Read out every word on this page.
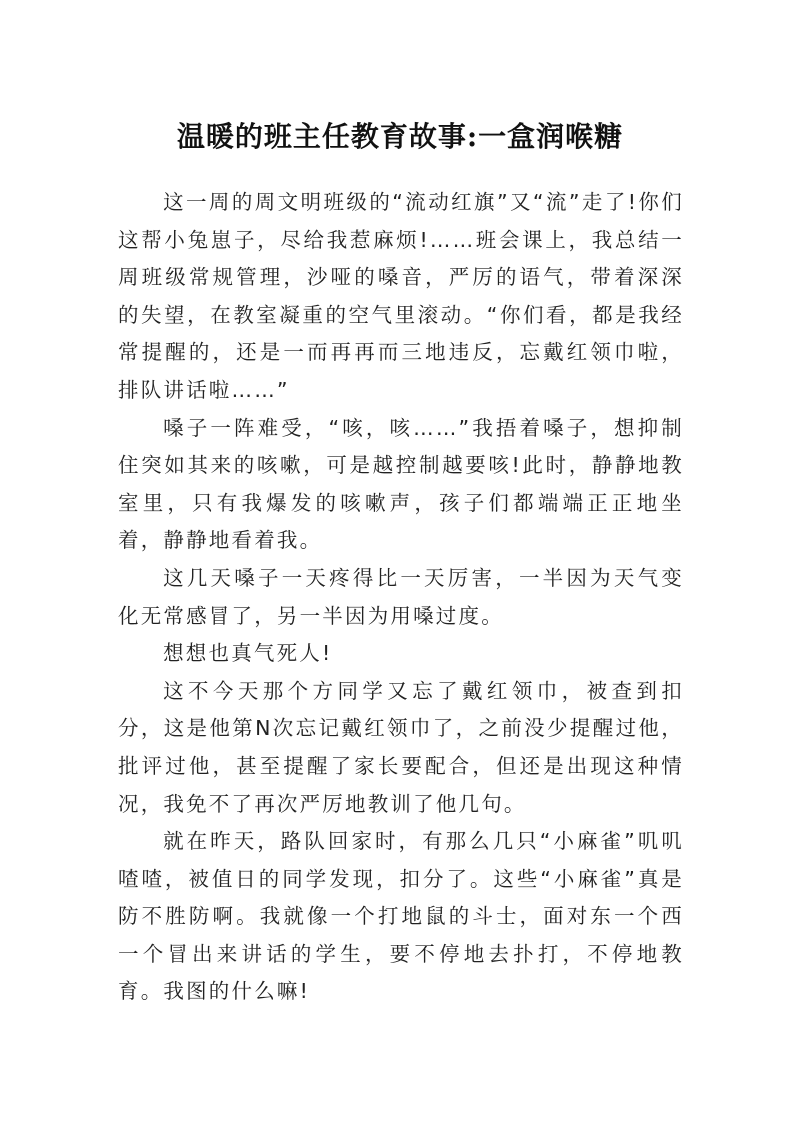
温暖的班主任教育故事:一盒润喉糖

这一周的周文明班级的“流动红旗”又“流”走了!你们这帮小兔崽子，尽给我惹麻烦!……班会课上，我总结一周班级常规管理，沙哑的嗓音，严厉的语气，带着深深的失望，在教室凝重的空气里滚动。“你们看，都是我经常提醒的，还是一而再再而三地违反，忘戴红领巾啦，排队讲话啦……”

嗓子一阵难受，“咳，咳……”我捂着嗓子，想抑制住突如其来的咳嗽，可是越控制越要咳!此时，静静地教室里，只有我爆发的咳嗽声，孩子们都端端正正地坐着，静静地看着我。

这几天嗓子一天疼得比一天厉害，一半因为天气变化无常感冒了，另一半因为用嗓过度。

想想也真气死人!

这不今天那个方同学又忘了戴红领巾，被查到扣分，这是他第N次忘记戴红领巾了，之前没少提醒过他，批评过他，甚至提醒了家长要配合，但还是出现这种情况，我免不了再次严厉地教训了他几句。

就在昨天，路队回家时，有那么几只“小麻雀”叽叽喳喳，被值日的同学发现，扣分了。这些“小麻雀”真是防不胜防啊。我就像一个打地鼠的斗士，面对东一个西一个冒出来讲话的学生，要不停地去扑打，不停地教育。我图的什么嘛!
